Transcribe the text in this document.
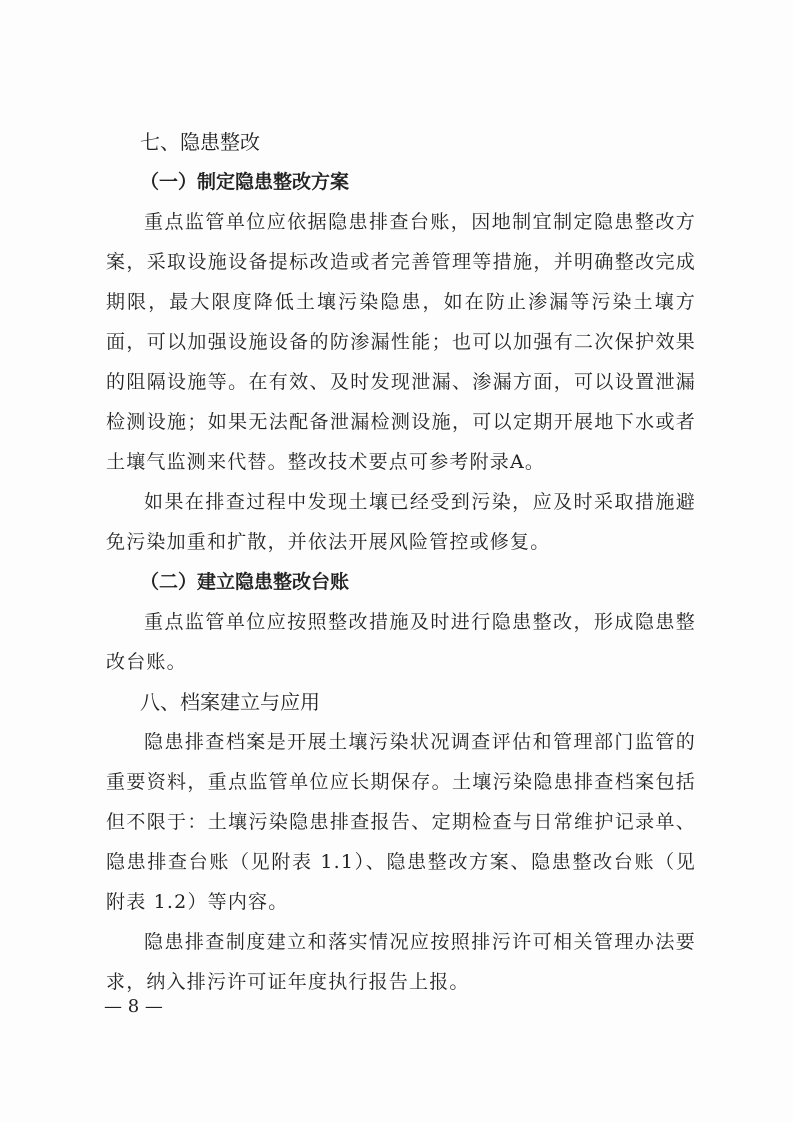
七、隐患整改
（一）制定隐患整改方案

重点监管单位应依据隐患排查台账，因地制宜制定隐患整改方案，采取设施设备提标改造或者完善管理等措施，并明确整改完成期限，最大限度降低土壤污染隐患，如在防止渗漏等污染土壤方面，可以加强设施设备的防渗漏性能；也可以加强有二次保护效果的阻隔设施等。在有效、及时发现泄漏、渗漏方面，可以设置泄漏检测设施；如果无法配备泄漏检测设施，可以定期开展地下水或者土壤气监测来代替。整改技术要点可参考附录A。

如果在排查过程中发现土壤已经受到污染，应及时采取措施避免污染加重和扩散，并依法开展风险管控或修复。

（二）建立隐患整改台账

重点监管单位应按照整改措施及时进行隐患整改，形成隐患整改台账。

八、档案建立与应用

隐患排查档案是开展土壤污染状况调查评估和管理部门监管的重要资料，重点监管单位应长期保存。土壤污染隐患排查档案包括但不限于：土壤污染隐患排查报告、定期检查与日常维护记录单、隐患排查台账（见附表 1.1）、隐患整改方案、隐患整改台账（见附表 1.2）等内容。

隐患排查制度建立和落实情况应按照排污许可相关管理办法要求，纳入排污许可证年度执行报告上报。

— 8 —
